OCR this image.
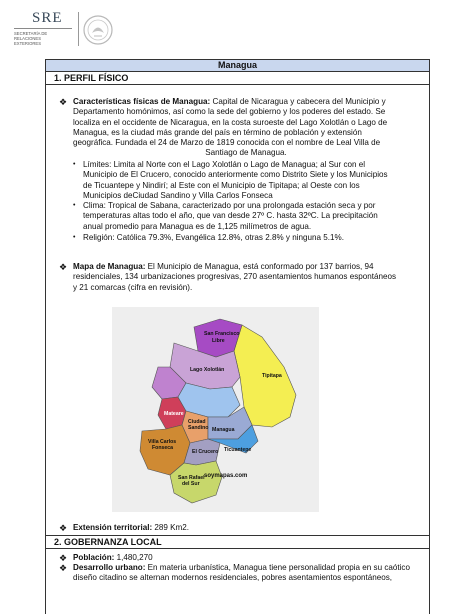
SRE
SECRETARÍA DE RELACIONES
EXTERIORES
Managua
1. PERFIL FÍSICO
❖ Características físicas de Managua: Capital de Nicaragua y cabecera del Municipio y
Departamento homónimos, así como la sede del gobierno y los poderes del estado. Se
localiza en el occidente de Nicaragua, en la costa suroeste del Lago Xolotlán o Lago de
Managua, es la ciudad más grande del país en término de población y extensión
geográfica. Fundada el 24 de Marzo de 1819 conocida con el nombre de Leal Villa de
Santiago de Managua.
• Límites: Limita al Norte con el Lago Xolotlán o Lago de Managua; al Sur con el
Municipio de El Crucero, conocido anteriormente como Distrito Siete y los Municipios
de Ticuantepe y Nindirí; al Este con el Municipio de Tipitapa; al Oeste con los
Municipios deCiudad Sandino y Villa Carlos Fonseca
• Clima: Tropical de Sabana, caracterizado por una prolongada estación seca y por
temperaturas altas todo el año, que van desde 27º C. hasta 32ºC. La precipitación
anual promedio para Managua es de 1,125 milímetros de agua.
• Religión: Católica 79.3%, Evangélica 12.8%, otras 2.8% y ninguna 5.1%.
❖ Mapa de Managua: El Municipio de Managua, está conformado por 137 barrios, 94
residenciales, 134 urbanizaciones progresivas, 270 asentamientos humanos espontáneos
y 21 comarcas (cifra en revisión).
San Francisco
Libre
Lago Xolotlán
Tipitapa
Mateare
Managua
Ciudad
Sandino
Villa Carlos
Fonseca
El Crucero Ticuantepe
San Rafael
del Sur
soymapas.com
❖ Extensión territorial: 289 Km2.
2. GOBERNANZA LOCAL
❖ Población: 1,480,270
❖ Desarrollo urbano: En materia urbanística, Managua tiene personalidad propia en su caótico
diseño citadino se alternan modernos residenciales, pobres asentamientos espontáneos,
